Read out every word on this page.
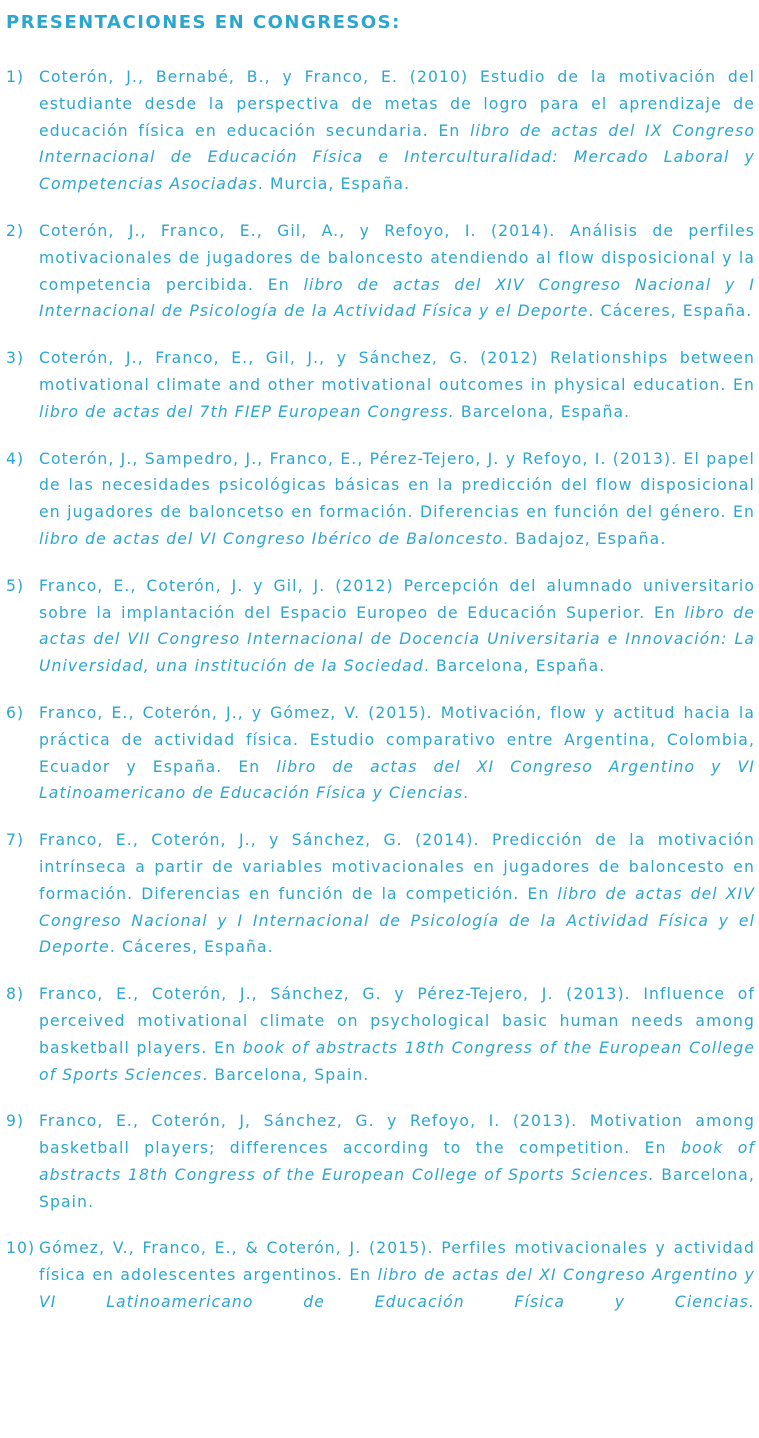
PRESENTACIONES EN CONGRESOS:
1) Coterón, J., Bernabé, B., y Franco, E. (2010) Estudio de la motivación del estudiante desde la perspectiva de metas de logro para el aprendizaje de educación física en educación secundaria. En libro de actas del IX Congreso Internacional de Educación Física e Interculturalidad: Mercado Laboral y Competencias Asociadas. Murcia, España.
2) Coterón, J., Franco, E., Gil, A., y Refoyo, I. (2014). Análisis de perfiles motivacionales de jugadores de baloncesto atendiendo al flow disposicional y la competencia percibida. En libro de actas del XIV Congreso Nacional y I Internacional de Psicología de la Actividad Física y el Deporte. Cáceres, España.
3) Coterón, J., Franco, E., Gil, J., y Sánchez, G. (2012) Relationships between motivational climate and other motivational outcomes in physical education. En libro de actas del 7th FIEP European Congress. Barcelona, España.
4) Coterón, J., Sampedro, J., Franco, E., Pérez-Tejero, J. y Refoyo, I. (2013). El papel de las necesidades psicológicas básicas en la predicción del flow disposicional en jugadores de baloncetso en formación. Diferencias en función del género. En libro de actas del VI Congreso Ibérico de Baloncesto. Badajoz, España.
5) Franco, E., Coterón, J. y Gil, J. (2012) Percepción del alumnado universitario sobre la implantación del Espacio Europeo de Educación Superior. En libro de actas del VII Congreso Internacional de Docencia Universitaria e Innovación: La Universidad, una institución de la Sociedad. Barcelona, España.
6) Franco, E., Coterón, J., y Gómez, V. (2015). Motivación, flow y actitud hacia la práctica de actividad física. Estudio comparativo entre Argentina, Colombia, Ecuador y España. En libro de actas del XI Congreso Argentino y VI Latinoamericano de Educación Física y Ciencias.
7) Franco, E., Coterón, J., y Sánchez, G. (2014). Predicción de la motivación intrínseca a partir de variables motivacionales en jugadores de baloncesto en formación. Diferencias en función de la competición. En libro de actas del XIV Congreso Nacional y I Internacional de Psicología de la Actividad Física y el Deporte. Cáceres, España.
8) Franco, E., Coterón, J., Sánchez, G. y Pérez-Tejero, J. (2013). Influence of perceived motivational climate on psychological basic human needs among basketball players. En book of abstracts 18th Congress of the European College of Sports Sciences. Barcelona, Spain.
9) Franco, E., Coterón, J, Sánchez, G. y Refoyo, I. (2013). Motivation among basketball players; differences according to the competition. En book of abstracts 18th Congress of the European College of Sports Sciences. Barcelona, Spain.
10) Gómez, V., Franco, E., & Coterón, J. (2015). Perfiles motivacionales y actividad física en adolescentes argentinos. En libro de actas del XI Congreso Argentino y VI Latinoamericano de Educación Física y Ciencias.
